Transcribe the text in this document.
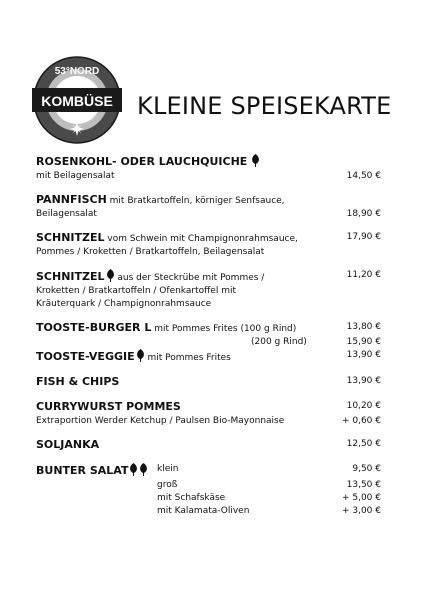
53°NORD
KOMBÜSE KLEINE SPEISEKARTE
ROSENKOHL- ODER LAUCHQUICHE
mit Beilagensalat	14,50 €
PANNFISCH mit Bratkartoffeln, körniger Senfsauce,
Beilagensalat	18,90 €
SCHNITZEL vom Schwein mit Champignonrahmsauce,	17,90 €
Pommes / Kroketten / Bratkartoffeln, Beilagensalat
SCHNITZEL aus der Steckrübe mit Pommes /	11,20 €
Kroketten / Bratkartoffeln / Ofenkartoffel mit
Kräuterquark / Champignonrahmsauce
TOOSTE-BURGER L mit Pommes Frites (100 g Rind)	13,80 €
(200 g Rind)	15,90 €
TOOSTE-VEGGIE mit Pommes Frites	13,90 €
FISH & CHIPS	13,90 €
CURRYWURST POMMES	10,20 €
Extraportion Werder Ketchup / Paulsen Bio-Mayonnaise	+ 0,60 €
SOLJANKA	12,50 €
BUNTER SALAT	klein	9,50 €
groß	13,50 €
mit Schafskäse	+ 5,00 €
mit Kalamata-Oliven	+ 3,00 €
